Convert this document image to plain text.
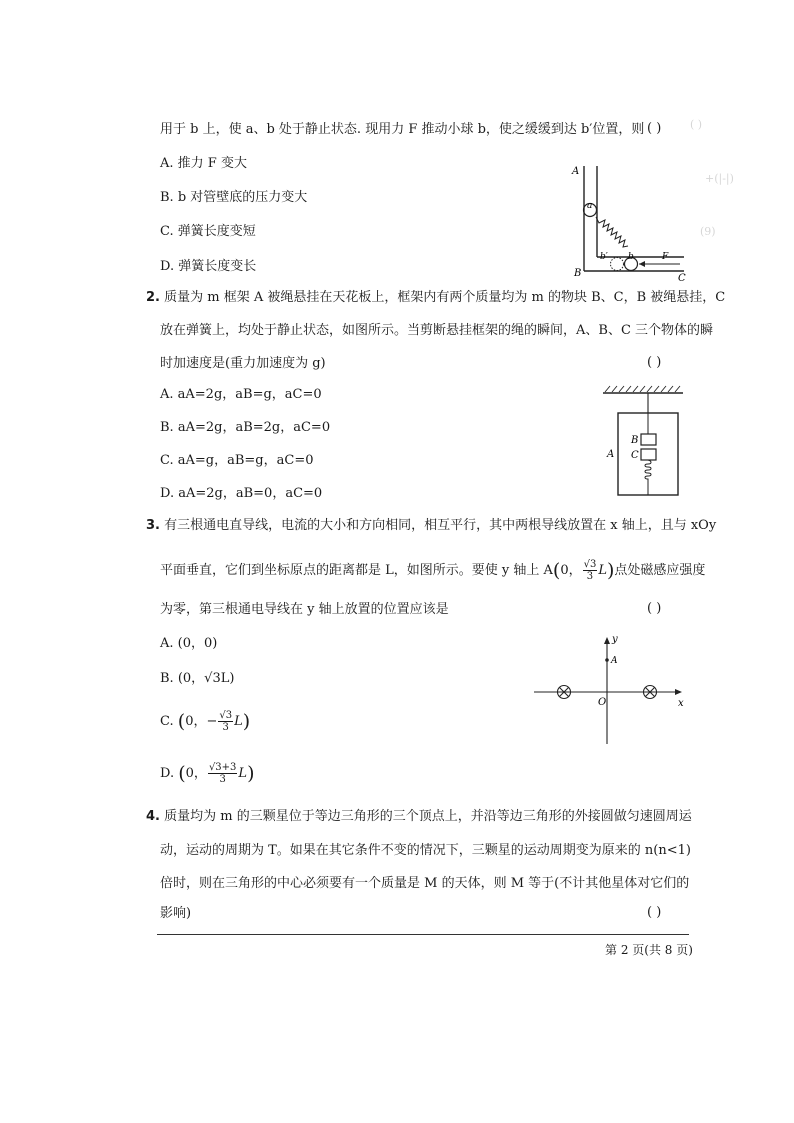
( )
+(|-|)
(9)
用于 b 上，使 a、b 处于静止状态. 现用力 F 推动小球 b，使之缓缓到达 b′位置，则 ( )
A. 推力 F 变大
B. b 对管壁底的压力变大
C. 弹簧长度变短
D. 弹簧长度变长
A
a
b′ b	F
B	C
2. 质量为 m 框架 A 被绳悬挂在天花板上，框架内有两个质量均为 m 的物块 B、C，B 被绳悬挂，C
放在弹簧上，均处于静止状态，如图所示。当剪断悬挂框架的绳的瞬间，A、B、C 三个物体的瞬
时加速度是(重力加速度为 g)	( )
A. aA=2g，aB=g，aC=0
B. aA=2g，aB=2g，aC=0
C. aA=g，aB=g，aC=0
D. aA=2g，aB=0，aC=0
B
C
A
3. 有三根通电直导线，电流的大小和方向相同，相互平行，其中两根导线放置在 x 轴上，且与 xOy
平面垂直，它们到坐标原点的距离都是 L，如图所示。要使 y 轴上 A(0， $\frac{√3}{3} L$)点处磁感应强度
为零，第三根通电导线在 y 轴上放置的位置应该是	( )
A. (0，0)
B. (0，√3L)
C. (0，− $\frac{√3}{3} L$)
D. (0， $\frac{√3+3}{3} L$)
y
A
O	x
4. 质量均为 m 的三颗星位于等边三角形的三个顶点上，并沿等边三角形的外接圆做匀速圆周运
动，运动的周期为 T。如果在其它条件不变的情况下，三颗星的运动周期变为原来的 n(n<1)
倍时，则在三角形的中心必须要有一个质量是 M 的天体，则 M 等于(不计其他星体对它们的
影响)	( )
第 2 页(共 8 页)
